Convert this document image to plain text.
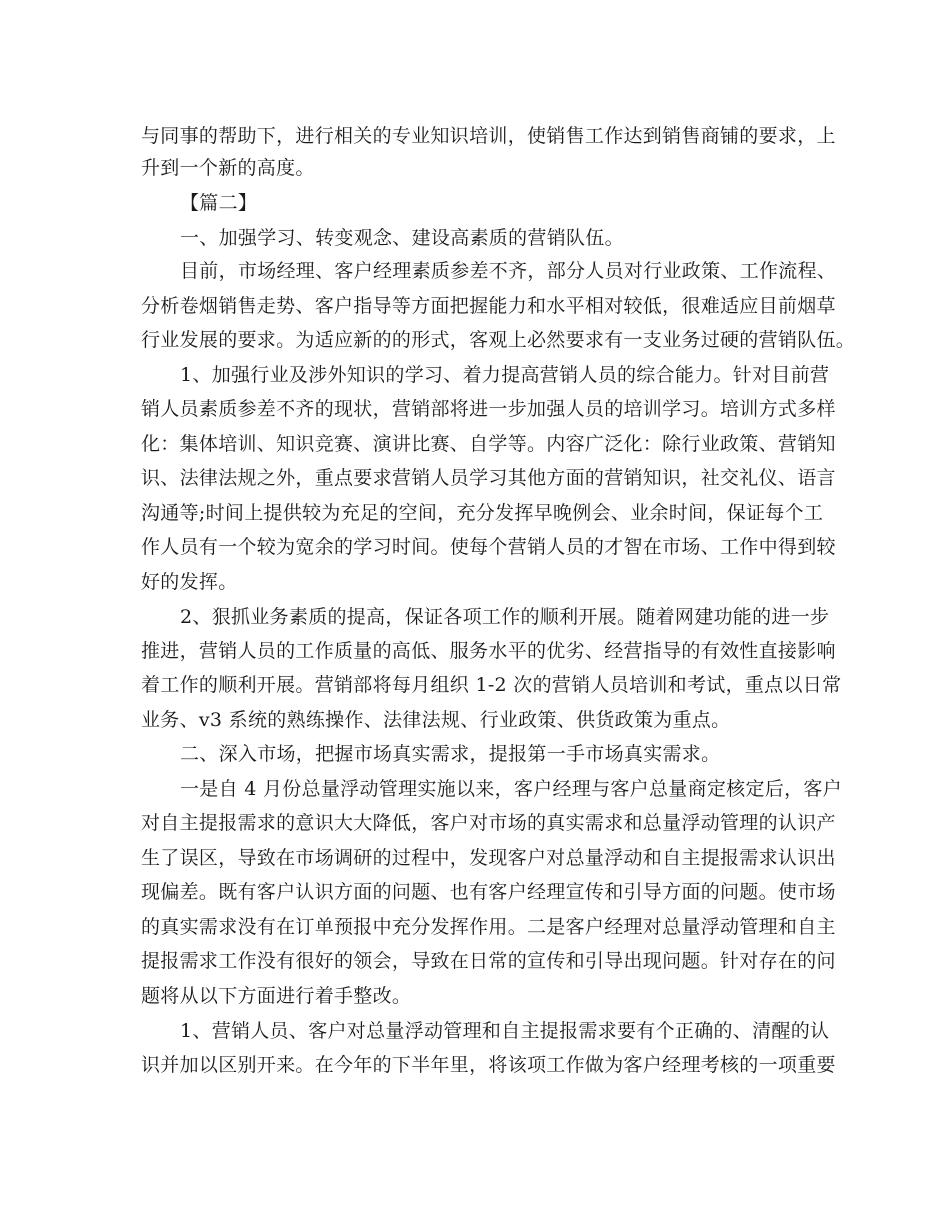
与同事的帮助下，进行相关的专业知识培训，使销售工作达到销售商铺的要求，上
升到一个新的高度。
【篇二】
一、加强学习、转变观念、建设高素质的营销队伍。
目前，市场经理、客户经理素质参差不齐，部分人员对行业政策、工作流程、
分析卷烟销售走势、客户指导等方面把握能力和水平相对较低，很难适应目前烟草
行业发展的要求。为适应新的的形式，客观上必然要求有一支业务过硬的营销队伍。
1、加强行业及涉外知识的学习、着力提高营销人员的综合能力。针对目前营
销人员素质参差不齐的现状，营销部将进一步加强人员的培训学习。培训方式多样
化：集体培训、知识竞赛、演讲比赛、自学等。内容广泛化：除行业政策、营销知
识、法律法规之外，重点要求营销人员学习其他方面的营销知识，社交礼仪、语言
沟通等;时间上提供较为充足的空间，充分发挥早晚例会、业余时间，保证每个工
作人员有一个较为宽余的学习时间。使每个营销人员的才智在市场、工作中得到较
好的发挥。
2、狠抓业务素质的提高，保证各项工作的顺利开展。随着网建功能的进一步
推进，营销人员的工作质量的高低、服务水平的优劣、经营指导的有效性直接影响
着工作的顺利开展。营销部将每月组织 1-2 次的营销人员培训和考试，重点以日常
业务、v3 系统的熟练操作、法律法规、行业政策、供货政策为重点。
二、深入市场，把握市场真实需求，提报第一手市场真实需求。
一是自 4 月份总量浮动管理实施以来，客户经理与客户总量商定核定后，客户
对自主提报需求的意识大大降低，客户对市场的真实需求和总量浮动管理的认识产
生了误区，导致在市场调研的过程中，发现客户对总量浮动和自主提报需求认识出
现偏差。既有客户认识方面的问题、也有客户经理宣传和引导方面的问题。使市场
的真实需求没有在订单预报中充分发挥作用。二是客户经理对总量浮动管理和自主
提报需求工作没有很好的领会，导致在日常的宣传和引导出现问题。针对存在的问
题将从以下方面进行着手整改。
1、营销人员、客户对总量浮动管理和自主提报需求要有个正确的、清醒的认
识并加以区别开来。在今年的下半年里，将该项工作做为客户经理考核的一项重要
